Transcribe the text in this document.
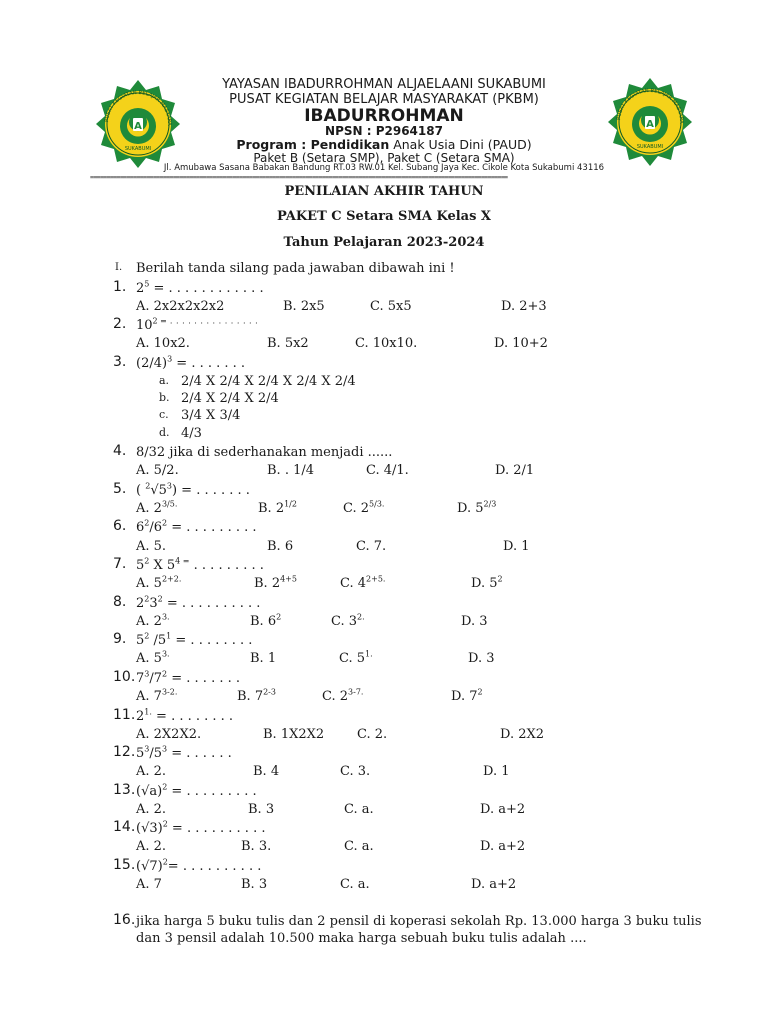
PUSAT KEGIATAN BELAJAR MASYARA
A
SUKABUMI
PUSAT KEGIATAN BELAJAR MASYARA
A
SUKABUMI
YAYASAN IBADURROHMAN ALJAELAANI SUKABUMI
PUSAT KEGIATAN BELAJAR MASYARAKAT (PKBM)
IBADURROHMAN
NPSN : P2964187
Program : Pendidikan Anak Usia Dini (PAUD)
Paket B (Setara SMP), Paket C (Setara SMA)
Jl. Amubawa Sasana Babakan Bandung RT.03 RW.01 Kel. Subang Jaya Kec. Cikole Kota Sukabumi 43116
==============================================================================================================================
PENILAIAN AKHIR TAHUN
PAKET C Setara SMA Kelas X
Tahun Pelajaran 2023-2024
I. Berilah tanda silang pada jawaban dibawah ini !
1. $2^5$ = . . . . . . . . . . . .
A. 2x2x2x2x2	B. 2x5	C. 5x5	D. 2+3
2. $10^{2 =}$ . . . . . . . . . . . . . . .
A. 10x2.	B. 5x2	C. 10x10.	D. 10+2
3. $(2/4)^3$ = . . . . . . .
a. 2/4 X 2/4 X 2/4 X 2/4 X 2/4
b. 2/4 X 2/4 X 2/4
c. 3/4 X 3/4
d. 4/3
4. 8/32 jika di sederhanakan menjadi ......
A. 5/2.	B. . 1/4	C. 4/1.	D. 2/1
5. ( $^2√5^3$) = . . . . . . .
A. $2^{3/5.}$	B. $2^{1/2}$	C. $2^{5/3.}$	D. $5^{2/3}$
6. $6^2/6^2$ = . . . . . . . . .
A. 5.	B. 6	C. 7.	D. 1
7. $5^2$ X $5^{4 =}$ . . . . . . . . .
A. $5^{2+2.}$	B. $2^{4+5}$	C. $4^{2+5.}$	D. $5^2$
8. $2^23^2$ = . . . . . . . . . .
A. $2^{3.}$	B. $6^2$	C. $3^{2.}$	D. 3
9. $5^2$ $/5^1$ = . . . . . . . .
A. $5^{3.}$	B. 1	C. $5^{1.}$	D. 3
10. $7^3/7^2$ = . . . . . . .
A. $7^{3-2.}$	B. 7$^{2-3}$	C. $2^{3-7.}$	D. $7^2$
11. $2^{1.}$ = . . . . . . . .
A. 2X2X2.	B. 1X2X2	C. 2.	D. 2X2
12. $5^3/5^3$ = . . . . . .
A. 2.	B. 4	C. 3.	D. 1
13. $(√a)^2$ = . . . . . . . . .
A. 2.	B. 3	C. a.	D. a+2
14. $(√3)^2$ = . . . . . . . . . .
A. 2.	B. 3.	C. a.	D. a+2
15. $(√7)^2=$ . . . . . . . . . .
A. 7	B. 3	C. a.	D. a+2
16. jika harga 5 buku tulis dan 2 pensil di koperasi sekolah Rp. 13.000 harga 3 buku tulis
dan 3 pensil adalah 10.500 maka harga sebuah buku tulis adalah ....
